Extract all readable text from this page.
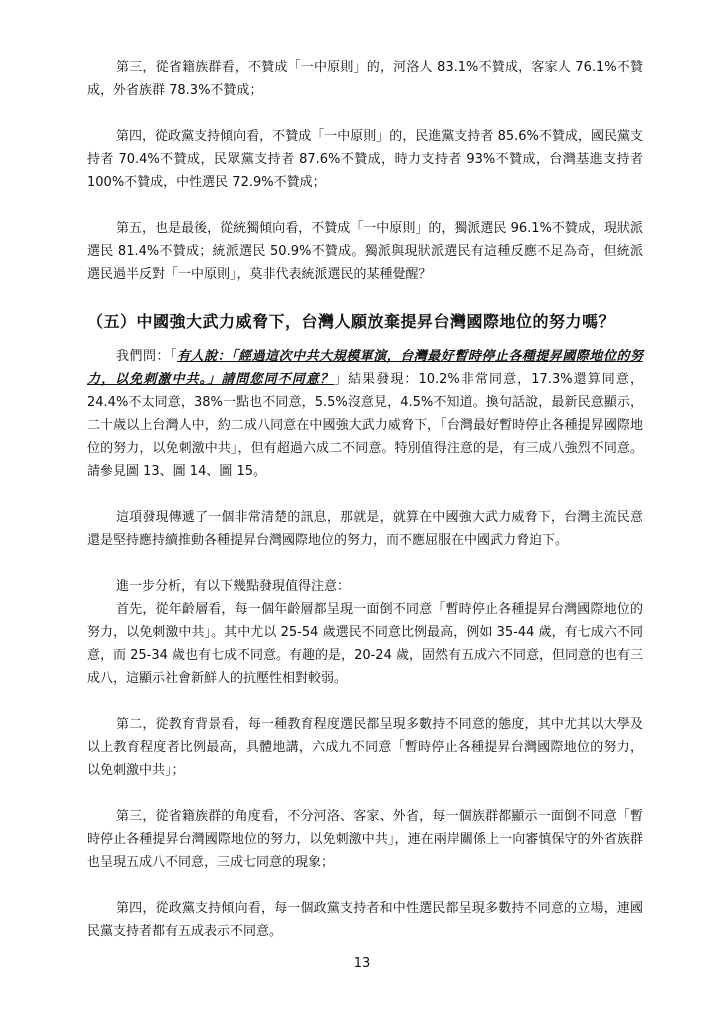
第三，從省籍族群看，不贊成「一中原則」的，河洛人 83.1%不贊成，客家人 76.1%不贊成，外省族群 78.3%不贊成；

第四，從政黨支持傾向看，不贊成「一中原則」的，民進黨支持者 85.6%不贊成，國民黨支持者 70.4%不贊成，民眾黨支持者 87.6%不贊成，時力支持者 93%不贊成，台灣基進支持者 100%不贊成，中性選民 72.9%不贊成；

第五，也是最後，從統獨傾向看，不贊成「一中原則」的，獨派選民 96.1%不贊成，現狀派選民 81.4%不贊成；統派選民 50.9%不贊成。獨派與現狀派選民有這種反應不足為奇，但統派選民過半反對「一中原則」，莫非代表統派選民的某種覺醒？

（五）中國強大武力威脅下，台灣人願放棄提昇台灣國際地位的努力嗎？

我們問：「有人說：「經過這次中共大規模軍演，台灣最好暫時停止各種提昇國際地位的努力，以免刺激中共。」請問您同不同意？」結果發現：10.2%非常同意，17.3%還算同意，24.4%不太同意，38%一點也不同意，5.5%沒意見，4.5%不知道。換句話說，最新民意顯示，二十歲以上台灣人中，約二成八同意在中國強大武力威脅下，「台灣最好暫時停止各種提昇國際地位的努力，以免刺激中共」，但有超過六成二不同意。特別值得注意的是，有三成八強烈不同意。請參見圖 13、圖 14、圖 15。

這項發現傳遞了一個非常清楚的訊息，那就是，就算在中國強大武力威脅下，台灣主流民意還是堅持應持續推動各種提昇台灣國際地位的努力，而不應屈服在中國武力脅迫下。

進一步分析，有以下幾點發現值得注意：

首先，從年齡層看，每一個年齡層都呈現一面倒不同意「暫時停止各種提昇台灣國際地位的努力，以免刺激中共」。其中尤以 25-54 歲選民不同意比例最高，例如 35-44 歲，有七成六不同意，而 25-34 歲也有七成不同意。有趣的是，20-24 歲，固然有五成六不同意，但同意的也有三成八，這顯示社會新鮮人的抗壓性相對較弱。

第二，從教育背景看，每一種教育程度選民都呈現多數持不同意的態度，其中尤其以大學及以上教育程度者比例最高，具體地講，六成九不同意「暫時停止各種提昇台灣國際地位的努力，以免刺激中共」；

第三，從省籍族群的角度看，不分河洛、客家、外省，每一個族群都顯示一面倒不同意「暫時停止各種提昇台灣國際地位的努力，以免刺激中共」，連在兩岸關係上一向審慎保守的外省族群也呈現五成八不同意，三成七同意的現象；

第四，從政黨支持傾向看，每一個政黨支持者和中性選民都呈現多數持不同意的立場，連國民黨支持者都有五成表示不同意。

13
